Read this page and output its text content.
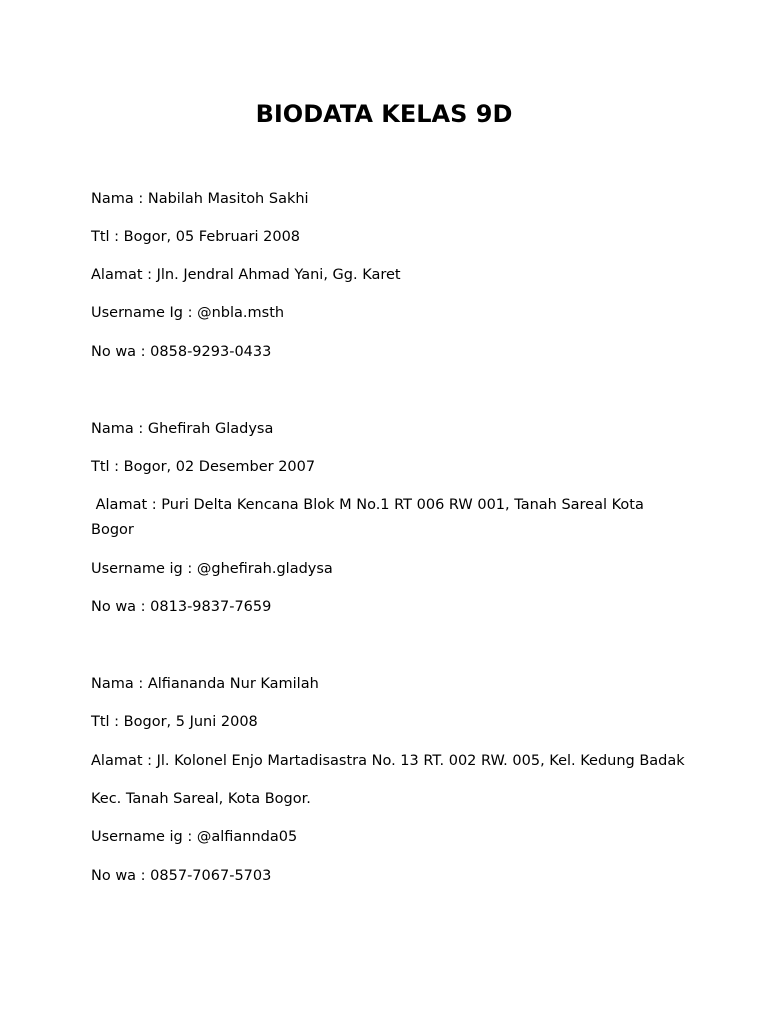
BIODATA KELAS 9D
Nama : Nabilah Masitoh Sakhi
Ttl : Bogor, 05 Februari 2008
Alamat : Jln. Jendral Ahmad Yani, Gg. Karet
Username Ig : @nbla.msth
No wa : 0858-9293-0433
Nama : Ghefirah Gladysa
Ttl : Bogor, 02 Desember 2007
Alamat : Puri Delta Kencana Blok M No.1 RT 006 RW 001, Tanah Sareal Kota
Bogor
Username ig : @ghefirah.gladysa
No wa : 0813-9837-7659
Nama : Alfiananda Nur Kamilah
Ttl : Bogor, 5 Juni 2008
Alamat : Jl. Kolonel Enjo Martadisastra No. 13 RT. 002 RW. 005, Kel. Kedung Badak
Kec. Tanah Sareal, Kota Bogor.
Username ig : @alfiannda05
No wa : 0857-7067-5703
